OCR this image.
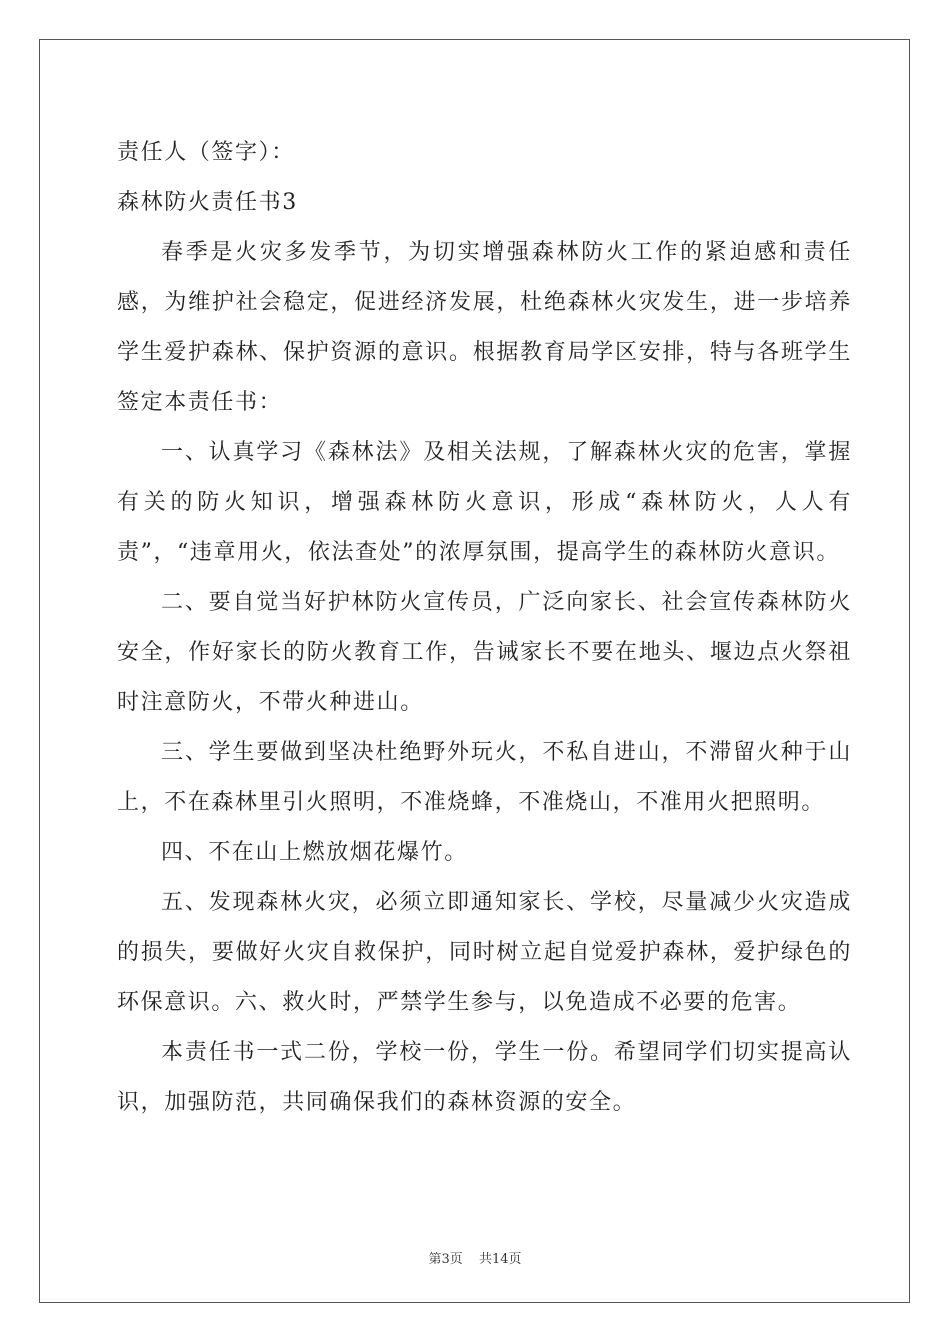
责任人（签字）：
森林防火责任书3

春季是火灾多发季节，为切实增强森林防火工作的紧迫感和责任感，为维护社会稳定，促进经济发展，杜绝森林火灾发生，进一步培养学生爱护森林、保护资源的意识。根据教育局学区安排，特与各班学生签定本责任书：

一、认真学习《森林法》及相关法规，了解森林火灾的危害，掌握有关的防火知识，增强森林防火意识，形成“森林防火，人人有责”，“违章用火，依法查处”的浓厚氛围，提高学生的森林防火意识。

二、要自觉当好护林防火宣传员，广泛向家长、社会宣传森林防火安全，作好家长的防火教育工作，告诫家长不要在地头、堰边点火祭祖时注意防火，不带火种进山。

三、学生要做到坚决杜绝野外玩火，不私自进山，不滞留火种于山上，不在森林里引火照明，不准烧蜂，不准烧山，不准用火把照明。

四、不在山上燃放烟花爆竹。

五、发现森林火灾，必须立即通知家长、学校，尽量减少火灾造成的损失，要做好火灾自救保护，同时树立起自觉爱护森林，爱护绿色的环保意识。六、救火时，严禁学生参与，以免造成不必要的危害。

本责任书一式二份，学校一份，学生一份。希望同学们切实提高认识，加强防范，共同确保我们的森林资源的安全。

第3页 共14页
